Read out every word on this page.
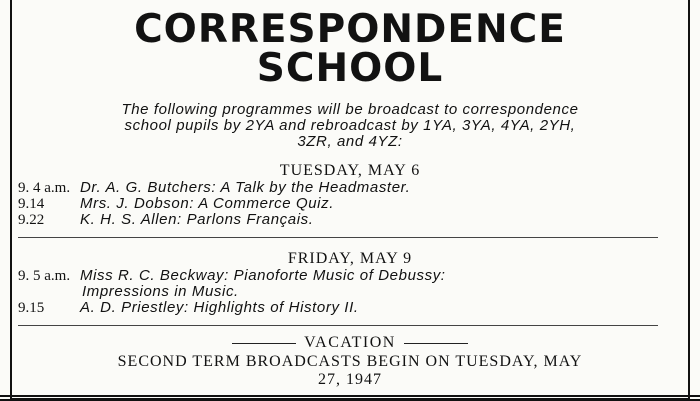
CORRESPONDENCE SCHOOL
The following programmes will be broadcast to correspondence
school pupils by 2YA and rebroadcast by 1YA, 3YA, 4YA, 2YH,
3ZR, and 4YZ:
TUESDAY, MAY 6
9. 4 a.m. Dr. A. G. Butchers: A Talk by the Headmaster.
9.14	Mrs. J. Dobson: A Commerce Quiz.
9.22	K. H. S. Allen: Parlons Français.
FRIDAY, MAY 9
9. 5 a.m. Miss R. C. Beckway: Pianoforte Music of Debussy:
Impressions in Music.
9.15	A. D. Priestley: Highlights of History II.
VACATION
SECOND TERM BROADCASTS BEGIN ON TUESDAY, MAY
27, 1947
